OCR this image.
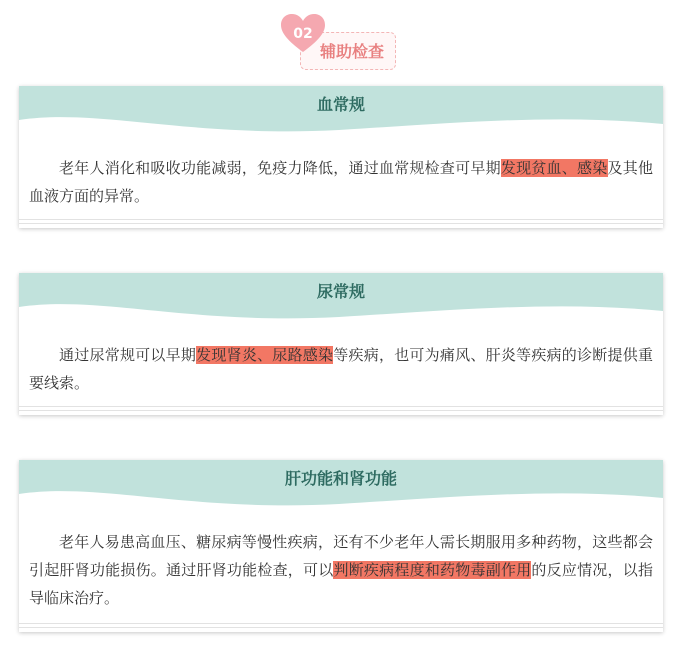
02
辅助检查
血常规

老年人消化和吸收功能减弱，免疫力降低，通过血常规检查可早期发现贫血、感染及其他血液方面的异常。

尿常规

通过尿常规可以早期发现肾炎、尿路感染等疾病，也可为痛风、肝炎等疾病的诊断提供重要线索。

肝功能和肾功能

老年人易患高血压、糖尿病等慢性疾病，还有不少老年人需长期服用多种药物，这些都会引起肝肾功能损伤。通过肝肾功能检查，可以判断疾病程度和药物毒副作用的反应情况，以指导临床治疗。
